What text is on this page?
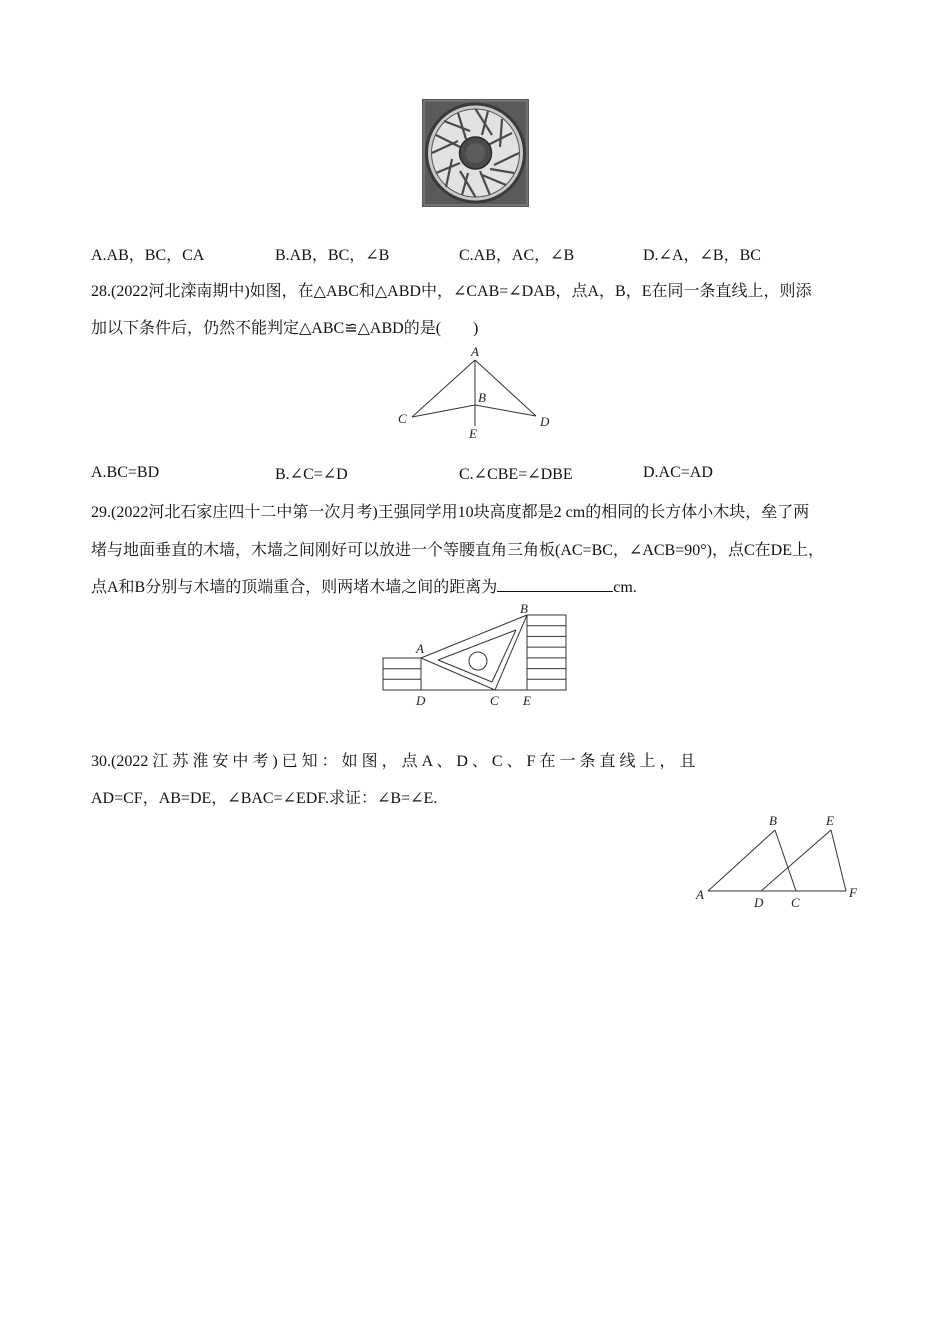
A.AB，BC，CA	B.AB，BC，∠B	C.AB，AC，∠B	D.∠A，∠B，BC
28.(2022河北滦南期中)如图，在△ABC和△ABD中，∠CAB=∠DAB，点A，B，E在同一条直线上，则添
加以下条件后，仍然不能判定△ABC≌△ABD的是(　　)
A
B
C	D
E
A.BC=BD	B.∠C=∠D	C.∠CBE=∠DBE	D.AC=AD
29.(2022河北石家庄四十二中第一次月考)王强同学用10块高度都是2 cm的相同的长方体小木块，垒了两
堵与地面垂直的木墙，木墙之间刚好可以放进一个等腰直角三角板(AC=BC，∠ACB=90°)，点C在DE上，
点A和B分别与木墙的顶端重合，则两堵木墙之间的距离为	cm.
A
B
C
D	E
30.(2022 江 苏 淮 安 中 考 ) 已 知 ： 如 图 ， 点 A 、 D 、 C 、 F 在 一 条 直 线 上 ， 且
AD=CF，AB=DE，∠BAC=∠EDF.求证：∠B=∠E.
A
B
C
D
E
F
